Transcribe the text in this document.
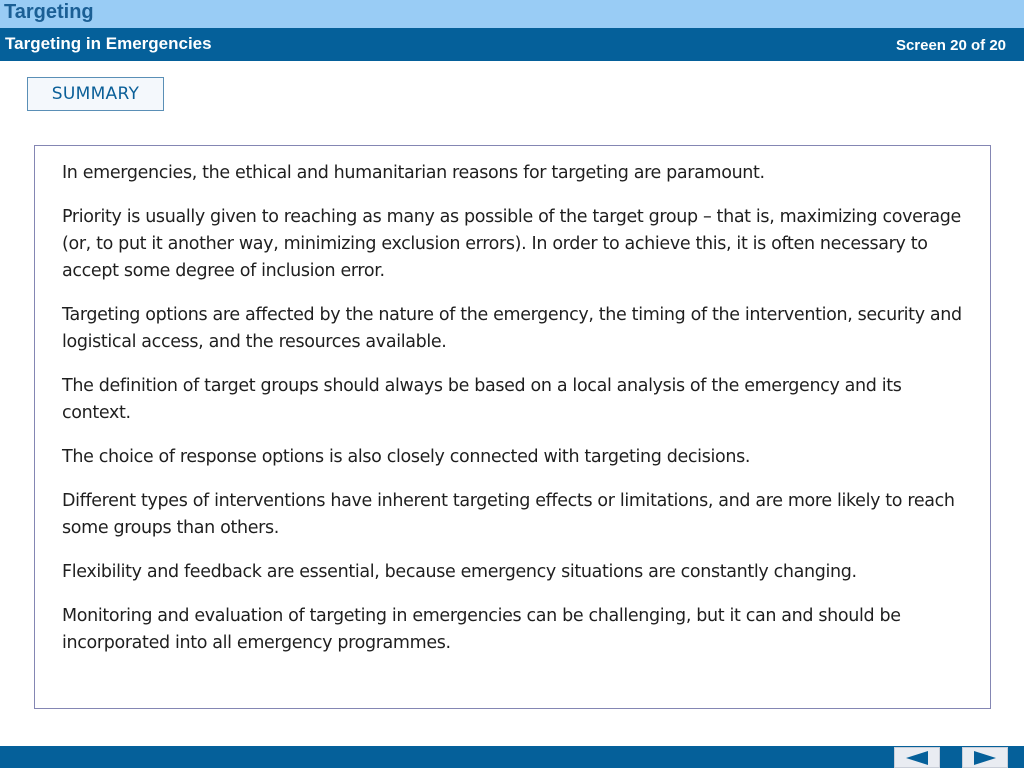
Targeting
Targeting in Emergencies	Screen 20 of 20
SUMMARY
In emergencies, the ethical and humanitarian reasons for targeting are paramount.
Priority is usually given to reaching as many as possible of the target group – that is, maximizing coverage (or, to put it another way, minimizing exclusion errors). In order to achieve this, it is often necessary to accept some degree of inclusion error.
Targeting options are affected by the nature of the emergency, the timing of the intervention, security and logistical access, and the resources available.
The definition of target groups should always be based on a local analysis of the emergency and its context.
The choice of response options is also closely connected with targeting decisions.
Different types of interventions have inherent targeting effects or limitations, and are more likely to reach some groups than others.
Flexibility and feedback are essential, because emergency situations are constantly changing.
Monitoring and evaluation of targeting in emergencies can be challenging, but it can and should be incorporated into all emergency programmes.
